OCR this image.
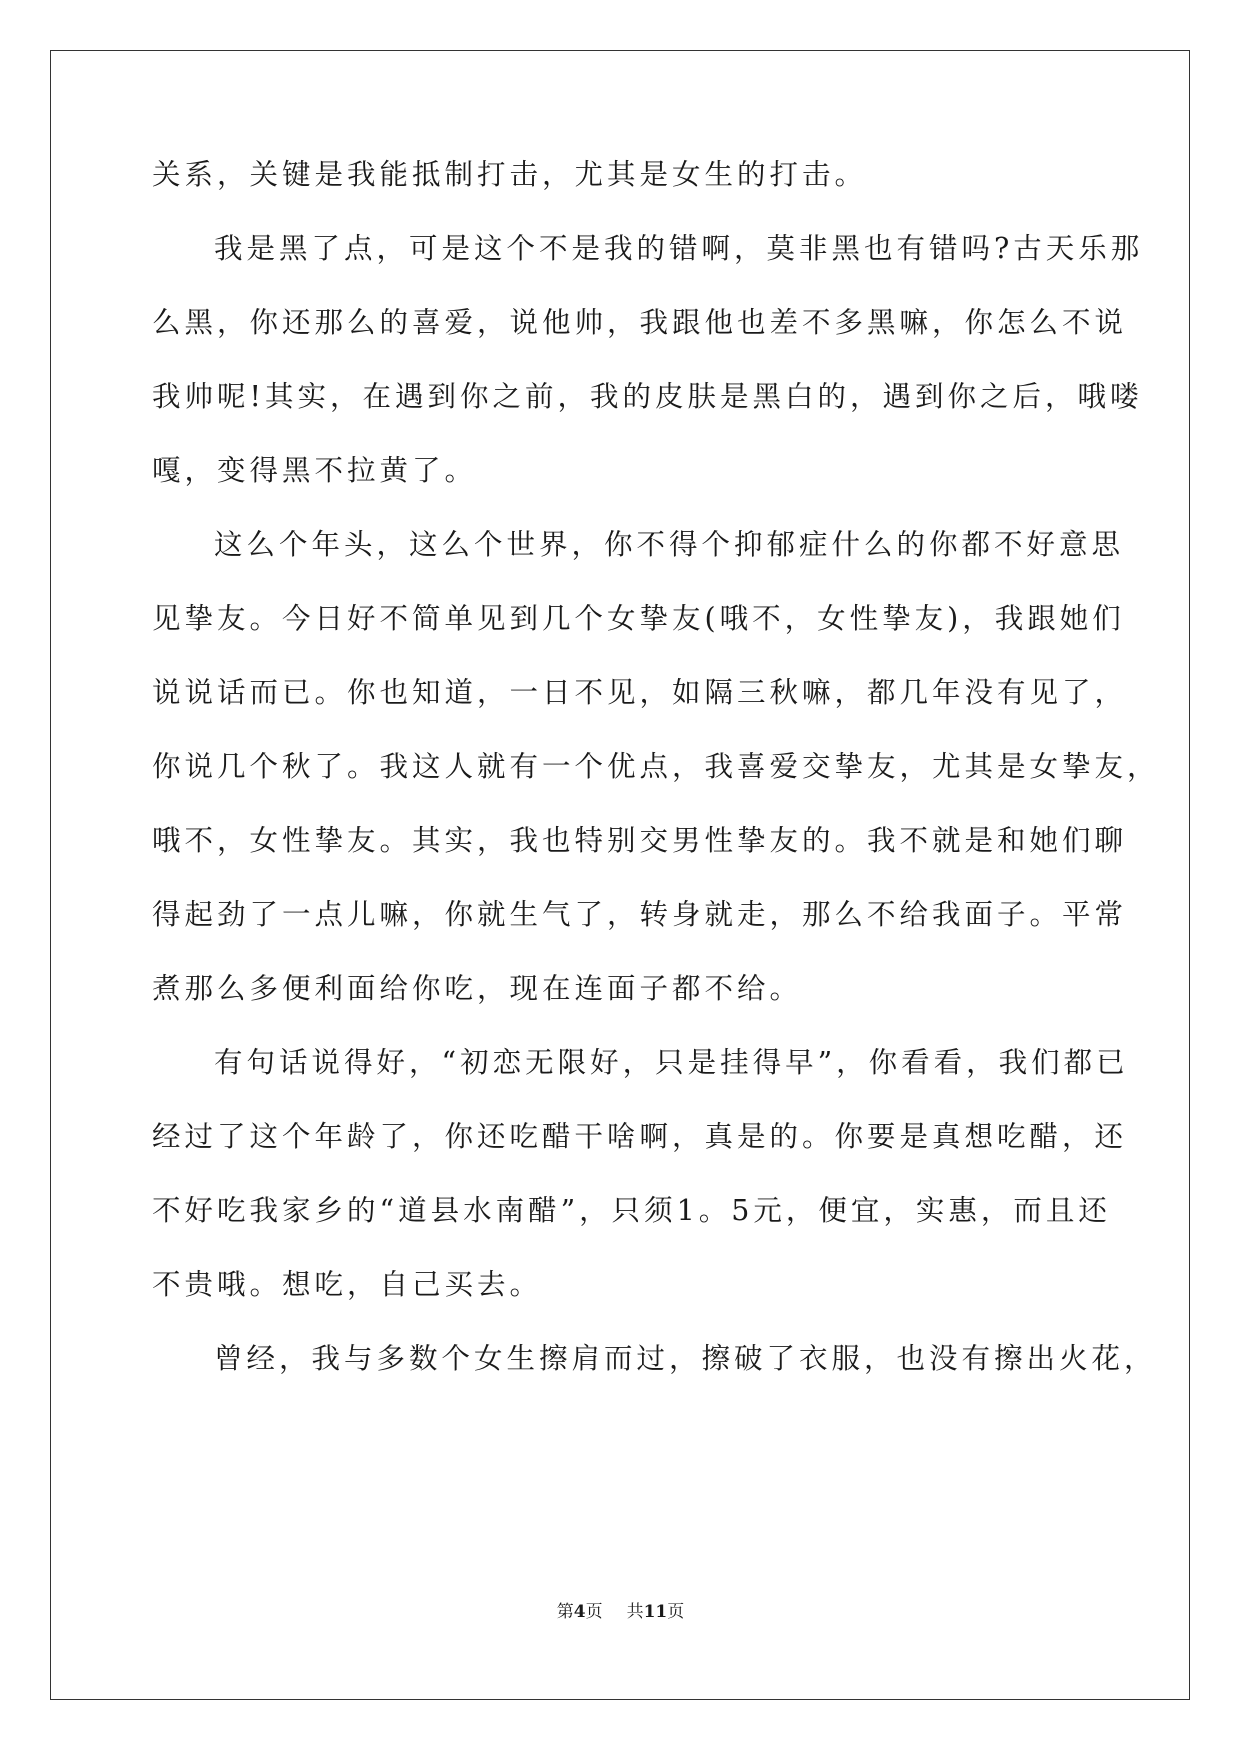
关系，关键是我能抵制打击，尤其是女生的打击。

我是黑了点，可是这个不是我的错啊，莫非黑也有错吗?古天乐那

么黑，你还那么的喜爱，说他帅，我跟他也差不多黑嘛，你怎么不说

我帅呢!其实，在遇到你之前，我的皮肤是黑白的，遇到你之后，哦喽

嘎，变得黑不拉黄了。

这么个年头，这么个世界，你不得个抑郁症什么的你都不好意思

见挚友。今日好不简单见到几个女挚友(哦不，女性挚友)，我跟她们

说说话而已。你也知道，一日不见，如隔三秋嘛，都几年没有见了，

你说几个秋了。我这人就有一个优点，我喜爱交挚友，尤其是女挚友，

哦不，女性挚友。其实，我也特别交男性挚友的。我不就是和她们聊

得起劲了一点儿嘛，你就生气了，转身就走，那么不给我面子。平常

煮那么多便利面给你吃，现在连面子都不给。

有句话说得好，“初恋无限好，只是挂得早”，你看看，我们都已

经过了这个年龄了，你还吃醋干啥啊，真是的。你要是真想吃醋，还

不好吃我家乡的“道县水南醋”，只须1。5元，便宜，实惠，而且还

不贵哦。想吃，自己买去。

曾经，我与多数个女生擦肩而过，擦破了衣服，也没有擦出火花，

第4页 共11页
